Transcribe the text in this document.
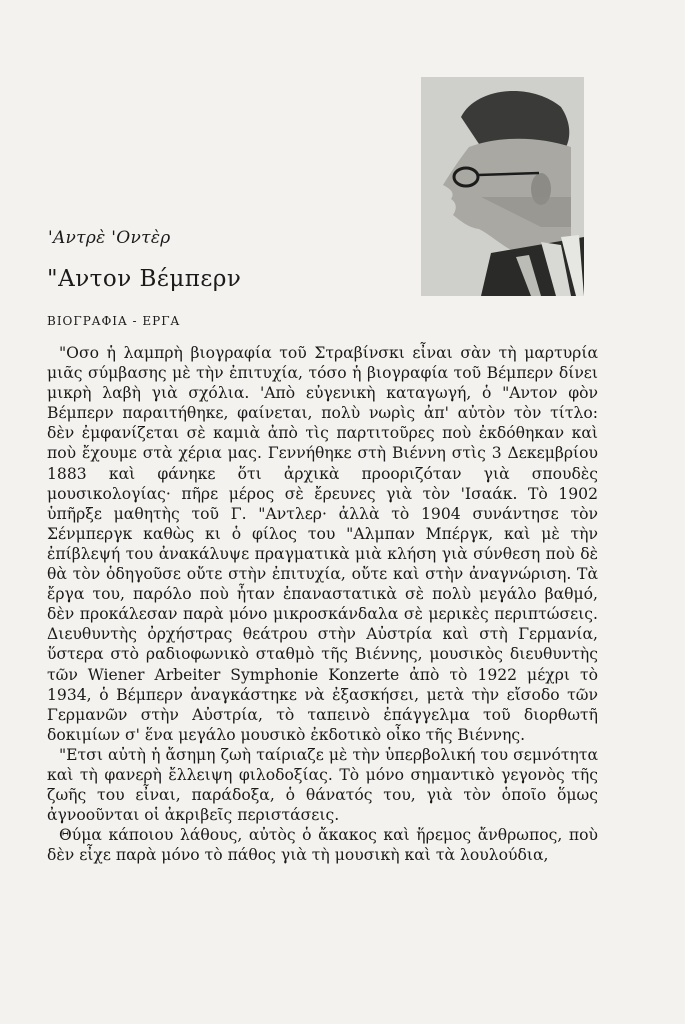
'Αντρὲ 'Οντὲρ
"Αντον Βέμπερν
ΒΙΟΓΡΑΦΙΑ - ΕΡΓΑ

"Οσο ἡ λαμπρὴ βιογραφία τοῦ Στραβίνσκι εἶναι σὰν τὴ μαρτυρία μιᾶς σύμβασης μὲ τὴν ἐπιτυχία, τόσο ἡ βιογραφία τοῦ Βέμπερν δίνει μικρὴ λαβὴ γιὰ σχόλια. 'Απὸ εὐγενικὴ καταγωγή, ὁ "Αντον φὸν Βέμπερν παραιτήθηκε, φαίνεται, πολὺ νωρὶς ἀπ' αὐτὸν τὸν τίτλο: δὲν ἐμφανίζεται σὲ καμιὰ ἀπὸ τὶς παρτιτοῦρες ποὺ ἐκδόθηκαν καὶ ποὺ ἔχουμε στὰ χέρια μας. Γεννήθηκε στὴ Βιέννη στὶς 3 Δεκεμβρίου 1883 καὶ φάνηκε ὅτι ἀρχικὰ προοριζόταν γιὰ σπουδὲς μουσικολογίας· πῆρε μέρος σὲ ἔρευνες γιὰ τὸν 'Ισαάκ. Τὸ 1902 ὑπῆρξε μαθητὴς τοῦ Γ. "Αντλερ· ἀλλὰ τὸ 1904 συνάντησε τὸν Σένμπεργκ καθὼς κι ὁ φίλος του "Αλμπαν Μπέργκ, καὶ μὲ τὴν ἐπίβλεψή του ἀνακάλυψε πραγματικὰ μιὰ κλήση γιὰ σύνθεση ποὺ δὲ θὰ τὸν ὁδηγοῦσε οὔτε στὴν ἐπιτυχία, οὔτε καὶ στὴν ἀναγνώριση. Τὰ ἔργα του, παρόλο ποὺ ἦταν ἐπαναστατικὰ σὲ πολὺ μεγάλο βαθμό, δὲν προκάλεσαν παρὰ μόνο μικροσκάνδαλα σὲ μερικὲς περιπτώσεις. Διευθυντὴς ὀρχήστρας θεάτρου στὴν Αὐστρία καὶ στὴ Γερμανία, ὕστερα στὸ ραδιοφωνικὸ σταθμὸ τῆς Βιέννης, μουσικὸς διευθυντὴς τῶν Wiener Arbeiter Symphonie Konzerte ἀπὸ τὸ 1922 μέχρι τὸ 1934, ὁ Βέμπερν ἀναγκάστηκε νὰ ἐξασκήσει, μετὰ τὴν εἴσοδο τῶν Γερμανῶν στὴν Αὐστρία, τὸ ταπεινὸ ἐπάγγελμα τοῦ διορθωτῆ δοκιμίων σ' ἕνα μεγάλο μουσικὸ ἐκδοτικὸ οἶκο τῆς Βιέννης.

"Ετσι αὐτὴ ἡ ἄσημη ζωὴ ταίριαζε μὲ τὴν ὑπερβολική του σεμνότητα καὶ τὴ φανερὴ ἔλλειψη φιλοδοξίας. Τὸ μόνο σημαντικὸ γεγονὸς τῆς ζωῆς του εἶναι, παράδοξα, ὁ θάνατός του, γιὰ τὸν ὁποῖο ὅμως ἀγνοοῦνται οἱ ἀκριβεῖς περιστάσεις.

Θύμα κάποιου λάθους, αὐτὸς ὁ ἄκακος καὶ ἥρεμος ἄνθρωπος, ποὺ δὲν εἶχε παρὰ μόνο τὸ πάθος γιὰ τὴ μουσικὴ καὶ τὰ λουλούδια,
